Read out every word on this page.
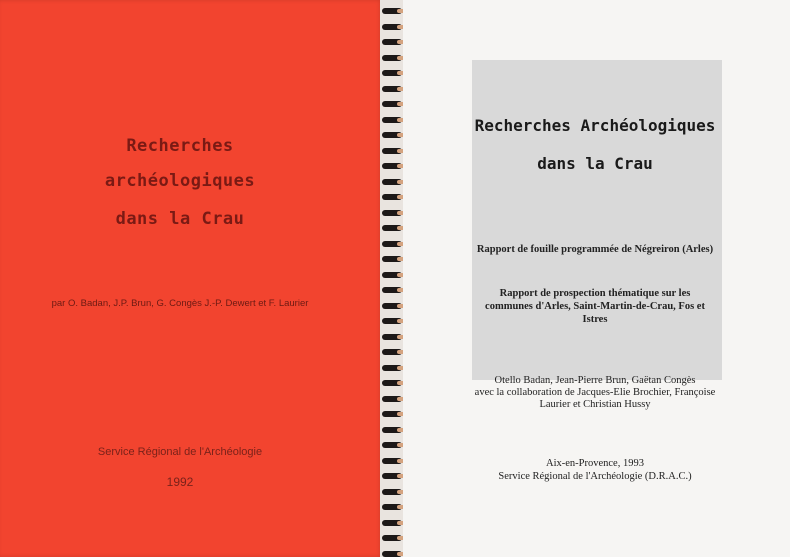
Recherches
archéologiques
dans la Crau
par O. Badan, J.P. Brun, G. Congès J.-P. Dewert et F. Laurier
Service Régional de l'Archéologie
1992
Recherches Archéologiques
dans la Crau
Rapport de fouille programmée de Négreiron (Arles)
Rapport de prospection thématique sur les
communes d'Arles, Saint-Martin-de-Crau, Fos et
Istres
Otello Badan, Jean-Pierre Brun, Gaëtan Congès
avec la collaboration de Jacques-Elie Brochier, Françoise
Laurier et Christian Hussy
Aix-en-Provence, 1993
Service Régional de l'Archéologie (D.R.A.C.)
